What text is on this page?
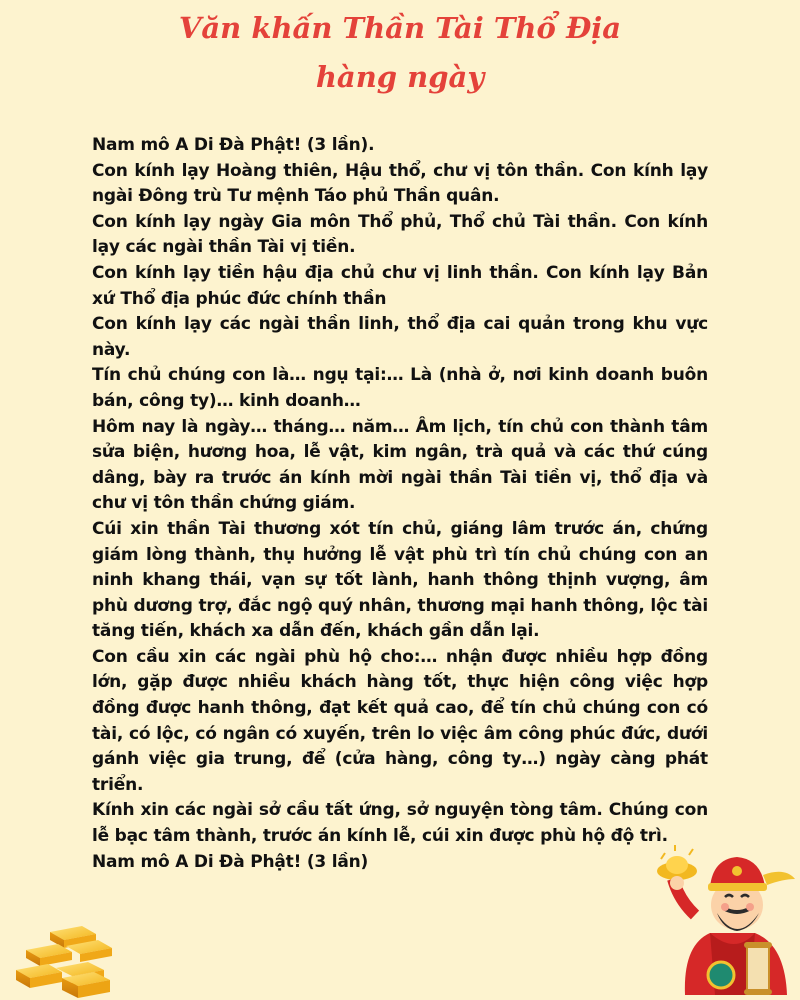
Văn khấn Thần Tài Thổ Địa
hàng ngày

Nam mô A Di Đà Phật! (3 lần).

Con kính lạy Hoàng thiên, Hậu thổ, chư vị tôn thần. Con kính lạy ngài Đông trù Tư mệnh Táo phủ Thần quân.

Con kính lạy ngày Gia môn Thổ phủ, Thổ chủ Tài thần. Con kính lạy các ngài thần Tài vị tiền.

Con kính lạy tiền hậu địa chủ chư vị linh thần. Con kính lạy Bản xứ Thổ địa phúc đức chính thần

Con kính lạy các ngài thần linh, thổ địa cai quản trong khu vực này.

Tín chủ chúng con là… ngụ tại:… Là (nhà ở, nơi kinh doanh buôn bán, công ty)… kinh doanh…

Hôm nay là ngày… tháng… năm… Âm lịch, tín chủ con thành tâm sửa biện, hương hoa, lễ vật, kim ngân, trà quả và các thứ cúng dâng, bày ra trước án kính mời ngài thần Tài tiền vị, thổ địa và chư vị tôn thần chứng giám.

Cúi xin thần Tài thương xót tín chủ, giáng lâm trước án, chứng giám lòng thành, thụ hưởng lễ vật phù trì tín chủ chúng con an ninh khang thái, vạn sự tốt lành, hanh thông thịnh vượng, âm phù dương trợ, đắc ngộ quý nhân, thương mại hanh thông, lộc tài tăng tiến, khách xa dẫn đến, khách gần dẫn lại.

Con cầu xin các ngài phù hộ cho:… nhận được nhiều hợp đồng lớn, gặp được nhiều khách hàng tốt, thực hiện công việc hợp đồng được hanh thông, đạt kết quả cao, để tín chủ chúng con có tài, có lộc, có ngân có xuyến, trên lo việc âm công phúc đức, dưới gánh việc gia trung, để (cửa hàng, công ty…) ngày càng phát triển.

Kính xin các ngài sở cầu tất ứng, sở nguyện tòng tâm. Chúng con lễ bạc tâm thành, trước án kính lễ, cúi xin được phù hộ độ trì.

Nam mô A Di Đà Phật! (3 lần)
